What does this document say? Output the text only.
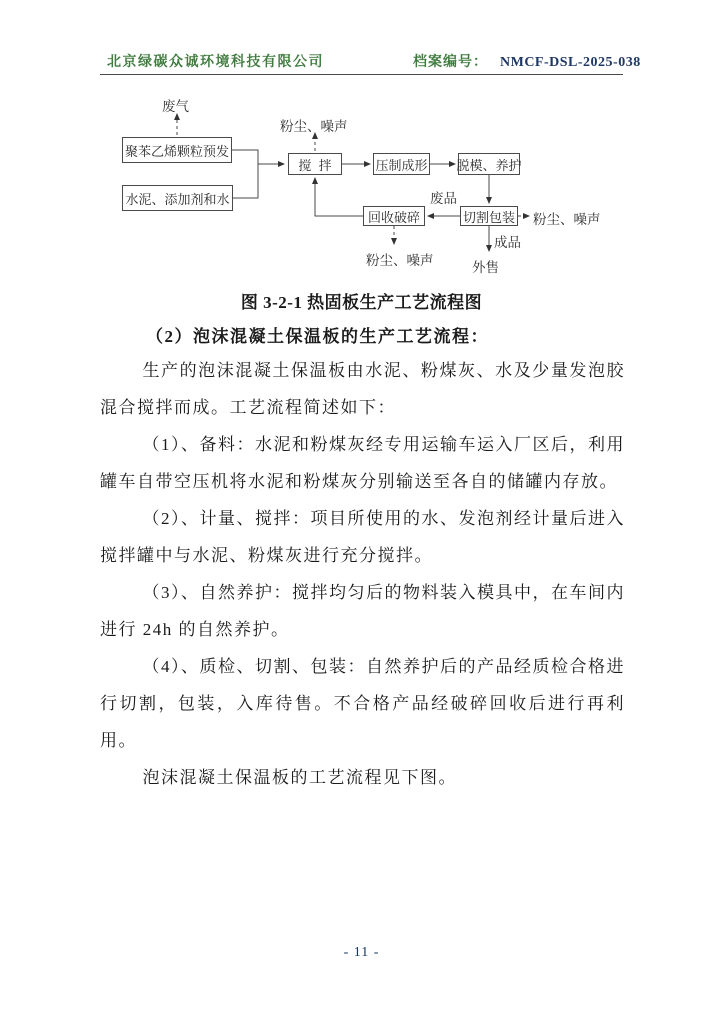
北京绿碳众诚环境科技有限公司	档案编号： NMCF-DSL-2025-038
聚苯乙烯颗粒预发
水泥、添加剂和水
搅  拌	压制成形 脱模、养护
回收破碎	切割包装
废气
粉尘、噪声
废品
粉尘、噪声
成品
外售
粉尘、噪声
图 3-2-1 热固板生产工艺流程图
（2）泡沫混凝土保温板的生产工艺流程：

生产的泡沫混凝土保温板由水泥、粉煤灰、水及少量发泡胶混合搅拌而成。工艺流程简述如下：

（1）、备料：水泥和粉煤灰经专用运输车运入厂区后，利用罐车自带空压机将水泥和粉煤灰分别输送至各自的储罐内存放。

（2）、计量、搅拌：项目所使用的水、发泡剂经计量后进入搅拌罐中与水泥、粉煤灰进行充分搅拌。

（3）、自然养护：搅拌均匀后的物料装入模具中，在车间内进行 24h 的自然养护。

（4）、质检、切割、包装：自然养护后的产品经质检合格进行切割，包装，入库待售。不合格产品经破碎回收后进行再利用。

泡沫混凝土保温板的工艺流程见下图。

- 11 -
